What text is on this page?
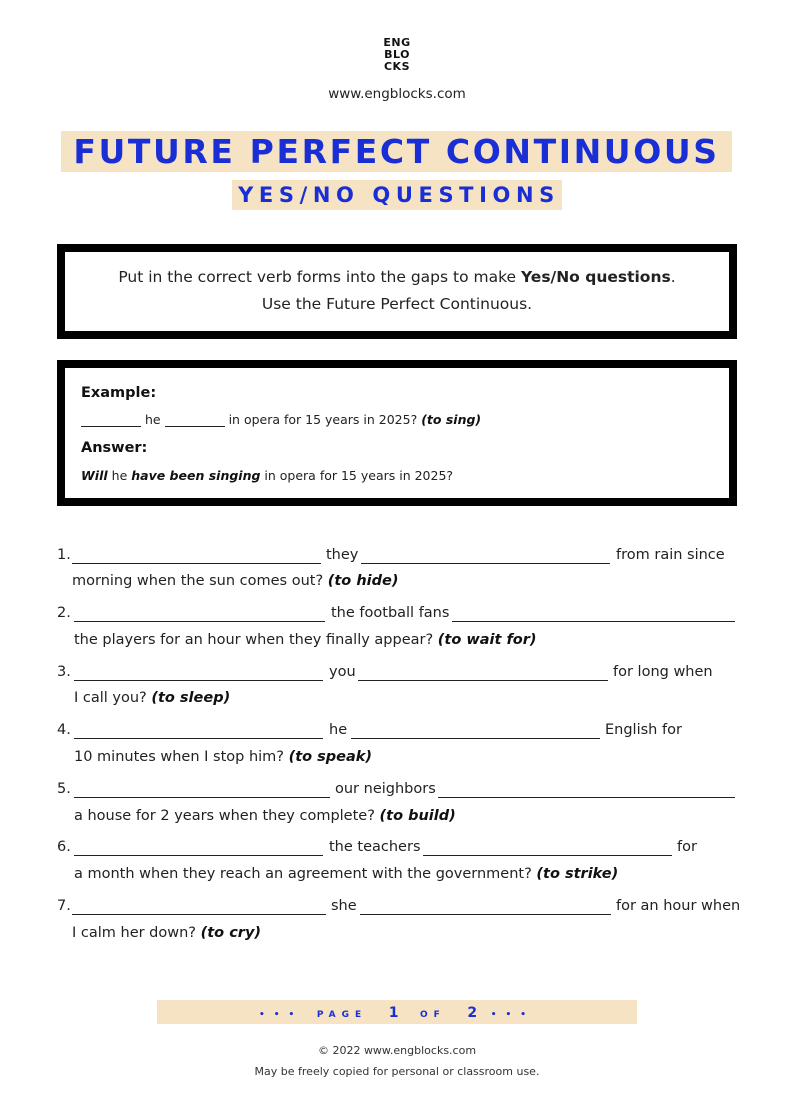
ENG
BLO
CKS
www.engblocks.com
FUTURE PERFECT CONTINUOUS
YES/NO QUESTIONS

Put in the correct verb forms into the gaps to make Yes/No questions.

Use the Future Perfect Continuous.

Example:
he	in opera for 15 years in 2025? (to sing)
Answer:
Will he have been singing in opera for 15 years in 2025?
1.	they	from rain since
morning when the sun comes out? (to hide)
2.	the football fans
the players for an hour when they finally appear? (to wait for)
3.	you	for long when
I call you? (to sleep)
4.	he	English for
10 minutes when I stop him? (to speak)
5.	our neighbors
a house for 2 years when they complete? (to build)
6.	the teachers	for
a month when they reach an agreement with the government? (to strike)
7.	she	for an hour when
I calm her down? (to cry)
••• PAGE 1 OF 2 •••
© 2022 www.engblocks.com
May be freely copied for personal or classroom use.
